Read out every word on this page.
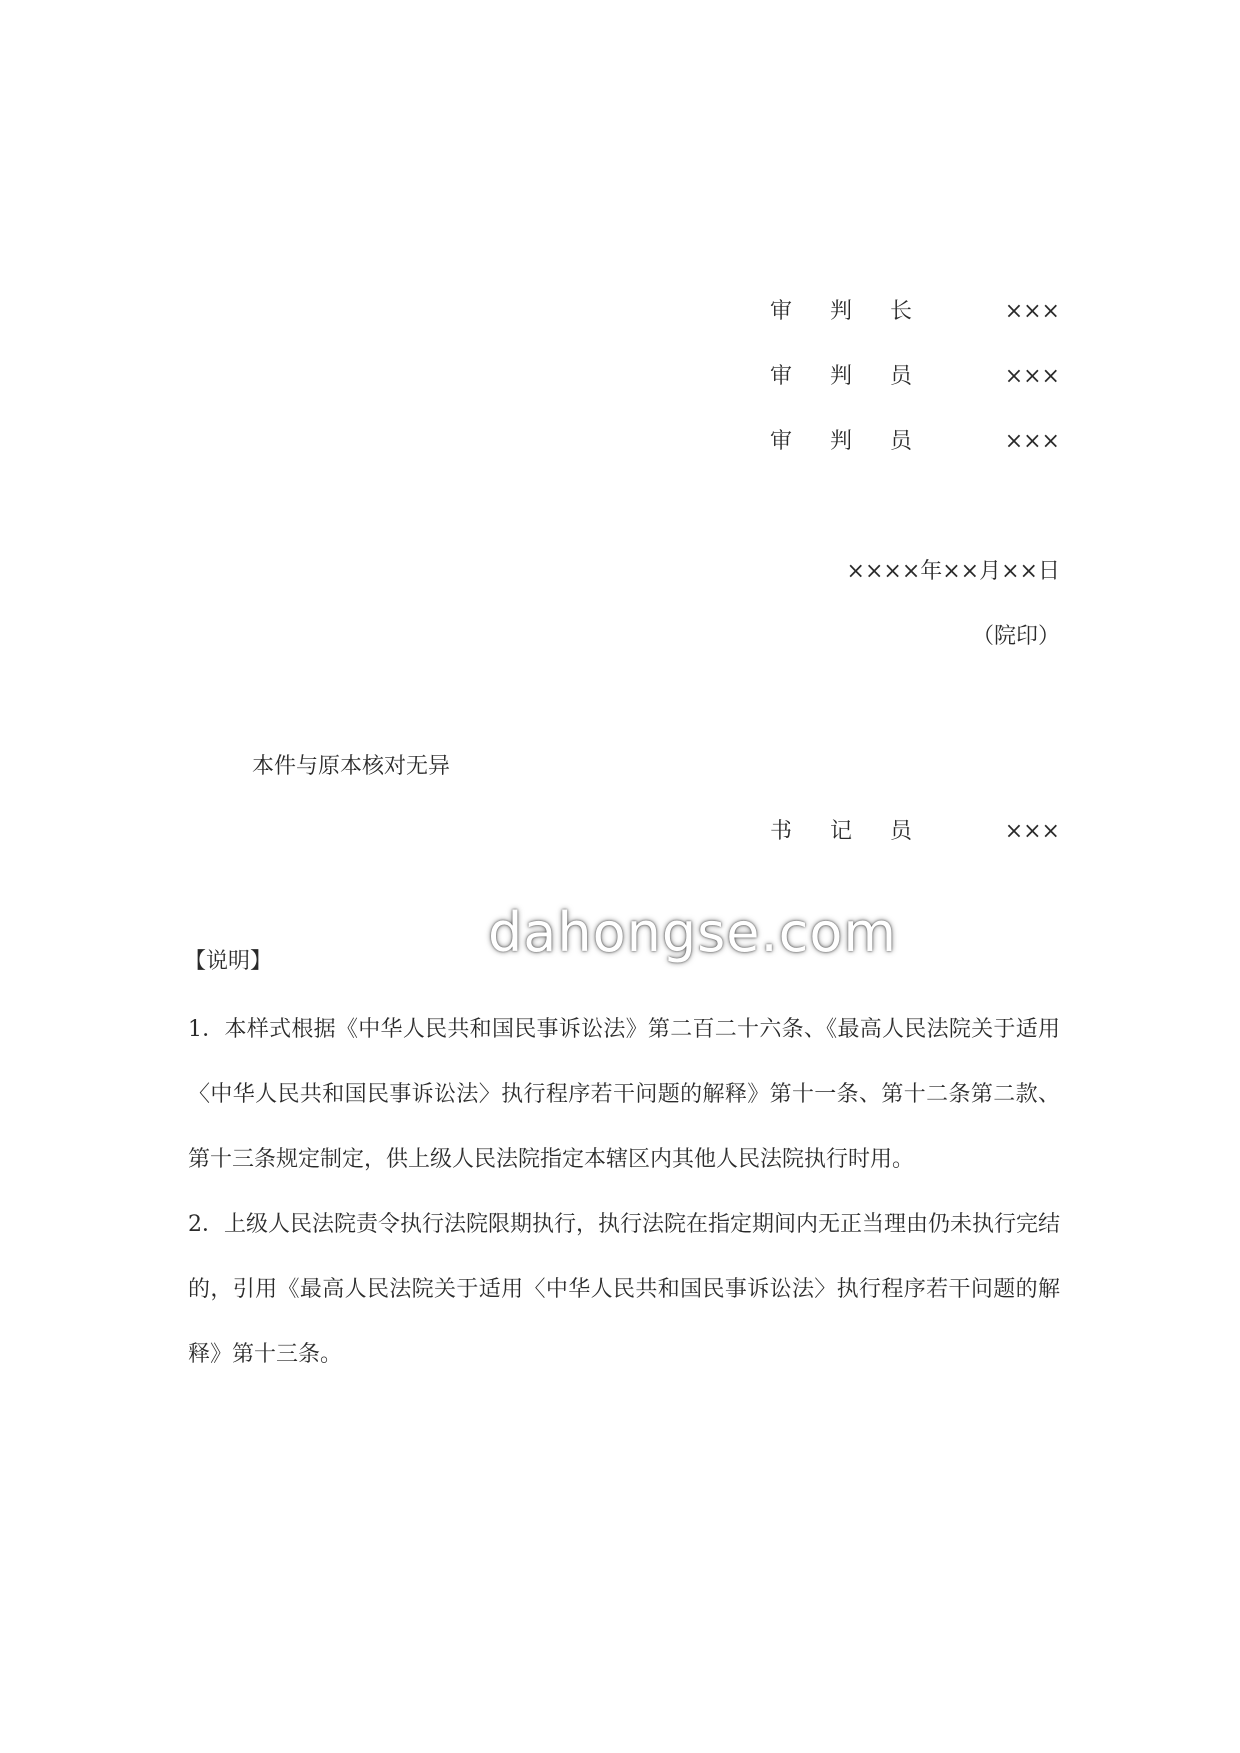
审判长 ×××
审判员 ×××
审判员 ×××
××××年××月××日
（院印）
本件与原本核对无异
书记员 ×××
dahongse.com
【说明】
1．本样式根据《中华人民共和国民事诉讼法》第二百二十六条、《最高人民法院关于适用〈中华人民共和国民事诉讼法〉执行程序若干问题的解释》第十一条、第十二条第二款、第十三条规定制定，供上级人民法院指定本辖区内其他人民法院执行时用。
2．上级人民法院责令执行法院限期执行，执行法院在指定期间内无正当理由仍未执行完结的，引用《最高人民法院关于适用〈中华人民共和国民事诉讼法〉执行程序若干问题的解释》第十三条。
